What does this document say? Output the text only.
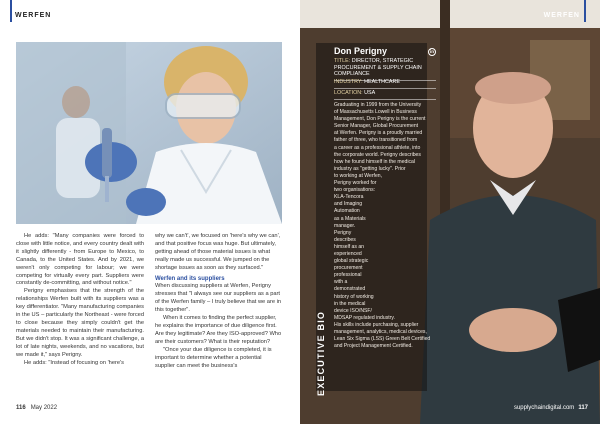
WERFEN

He adds: "Many companies were forced to close with little notice, and every country dealt with it slightly differently - from Europe to Mexico, to Canada, to the United States. And by 2021, we weren't only competing for labour; we were competing for virtually every part. Suppliers were constantly de-committing, and without notice."

Perigny emphasises that the strength of the relationships Werfen built with its suppliers was a key differentiator. "Many manufacturing companies in the US – particularly the Northeast - were forced to close because they simply couldn't get the materials needed to maintain their manufacturing. But we didn't stop. It was a significant challenge, a lot of late nights, weekends, and no vacations, but we made it," says Perigny.

He adds: "Instead of focusing on 'here's

why we can't', we focused on 'here's why we can', and that positive focus was huge. But ultimately, getting ahead of those material issues is what really made us successful. We jumped on the shortage issues as soon as they surfaced."

Werfen and its suppliers

When discussing suppliers at Werfen, Perigny stresses that "I always see our suppliers as a part of the Werfen family – I truly believe that we are in this together".

When it comes to finding the perfect supplier, he explains the importance of due diligence first. Are they legitimate? Are they ISO-approved? Who are their customers? What is their reputation?

"Once your due diligence is completed, it is important to determine whether a potential supplier can meet the business's

116 May 2022
WERFEN
EXECUTIVE BIO
Don Perigny	in
TITLE: DIRECTOR, STRATEGIC PROCUREMENT & SUPPLY CHAIN COMPLIANCE
INDUSTRY: HEALTHCARE
LOCATION: USA
Graduating in 1999 from the University
of Massachusetts Lowell in Business
Management, Don Perigny is the current
Senior Manager, Global Procurement
at Werfen. Perigny is a proudly married
father of three, who transitioned from
a career as a professional athlete, into
the corporate world. Perigny describes
how he found himself in the medical
industry as "getting lucky". Prior
to working at Werfen,
Perigny worked for
two organisations:
KLA-Tencora
and Imaging
Automation
as a Materials
manager.
Perigny
describes
himself as an
experienced
global strategic
procurement
professional
with a
demonstrated
history of working
in the medical
device ISO/NSF/
MDSAP regulated industry.
His skills include purchasing, supplier
management, analytics, medical devices,
Lean Six Sigma (LSS) Green Belt Certified
and Project Management Certified.
supplychaindigital.com 117
